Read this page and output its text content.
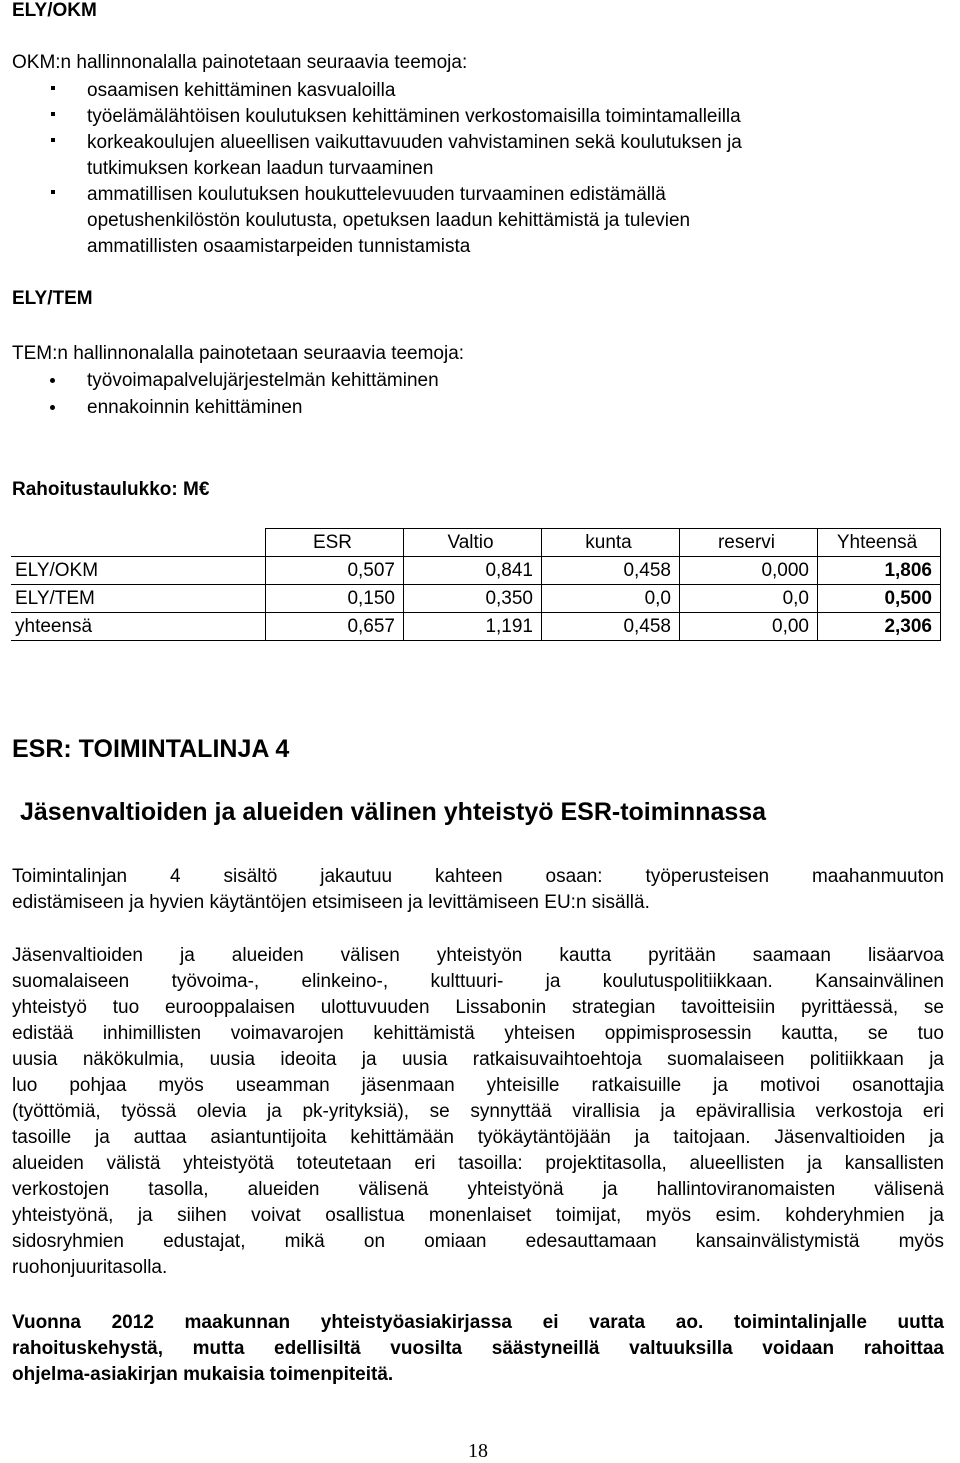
ELY/OKM
OKM:n hallinnonalalla painotetaan seuraavia teemoja:
osaamisen kehittäminen kasvualoilla
työelämälähtöisen koulutuksen kehittäminen verkostomaisilla toimintamalleilla
korkeakoulujen alueellisen vaikuttavuuden vahvistaminen sekä koulutuksen ja
tutkimuksen korkean laadun turvaaminen
ammatillisen koulutuksen houkuttelevuuden turvaaminen edistämällä
opetushenkilöstön koulutusta, opetuksen laadun kehittämistä ja tulevien
ammatillisten osaamistarpeiden tunnistamista
ELY/TEM
TEM:n hallinnonalalla painotetaan seuraavia teemoja:
työvoimapalvelujärjestelmän kehittäminen
ennakoinnin kehittäminen
Rahoitustaulukko: M€
	ESR	Valtio	kunta	reservi	Yhteensä
ELY/OKM	0,507	0,841	0,458	0,000	1,806
ELY/TEM	0,150	0,350	0,0	0,0	0,500
yhteensä	0,657	1,191	0,458	0,00	2,306
ESR: TOIMINTALINJA 4
Jäsenvaltioiden ja alueiden välinen yhteistyö ESR-toiminnassa
Toimintalinjan 4 sisältö jakautuu kahteen osaan: työperusteisen maahanmuuton
edistämiseen ja hyvien käytäntöjen etsimiseen ja levittämiseen EU:n sisällä.
Jäsenvaltioiden ja alueiden välisen yhteistyön kautta pyritään saamaan lisäarvoa
suomalaiseen työvoima-, elinkeino-, kulttuuri- ja koulutuspolitiikkaan. Kansainvälinen
yhteistyö tuo eurooppalaisen ulottuvuuden Lissabonin strategian tavoitteisiin pyrittäessä, se
edistää inhimillisten voimavarojen kehittämistä yhteisen oppimisprosessin kautta, se tuo
uusia näkökulmia, uusia ideoita ja uusia ratkaisuvaihtoehtoja suomalaiseen politiikkaan ja
luo pohjaa myös useamman jäsenmaan yhteisille ratkaisuille ja motivoi osanottajia
(työttömiä, työssä olevia ja pk-yrityksiä), se synnyttää virallisia ja epävirallisia verkostoja eri
tasoille ja auttaa asiantuntijoita kehittämään työkäytäntöjään ja taitojaan. Jäsenvaltioiden ja
alueiden välistä yhteistyötä toteutetaan eri tasoilla: projektitasolla, alueellisten ja kansallisten
verkostojen tasolla, alueiden välisenä yhteistyönä ja hallintoviranomaisten välisenä
yhteistyönä, ja siihen voivat osallistua monenlaiset toimijat, myös esim. kohderyhmien ja
sidosryhmien edustajat, mikä on omiaan edesauttamaan kansainvälistymistä myös
ruohonjuuritasolla.
Vuonna 2012 maakunnan yhteistyöasiakirjassa ei varata ao. toimintalinjalle uutta
rahoituskehystä, mutta edellisiltä vuosilta säästyneillä valtuuksilla voidaan rahoittaa
ohjelma-asiakirjan mukaisia toimenpiteitä.
18
